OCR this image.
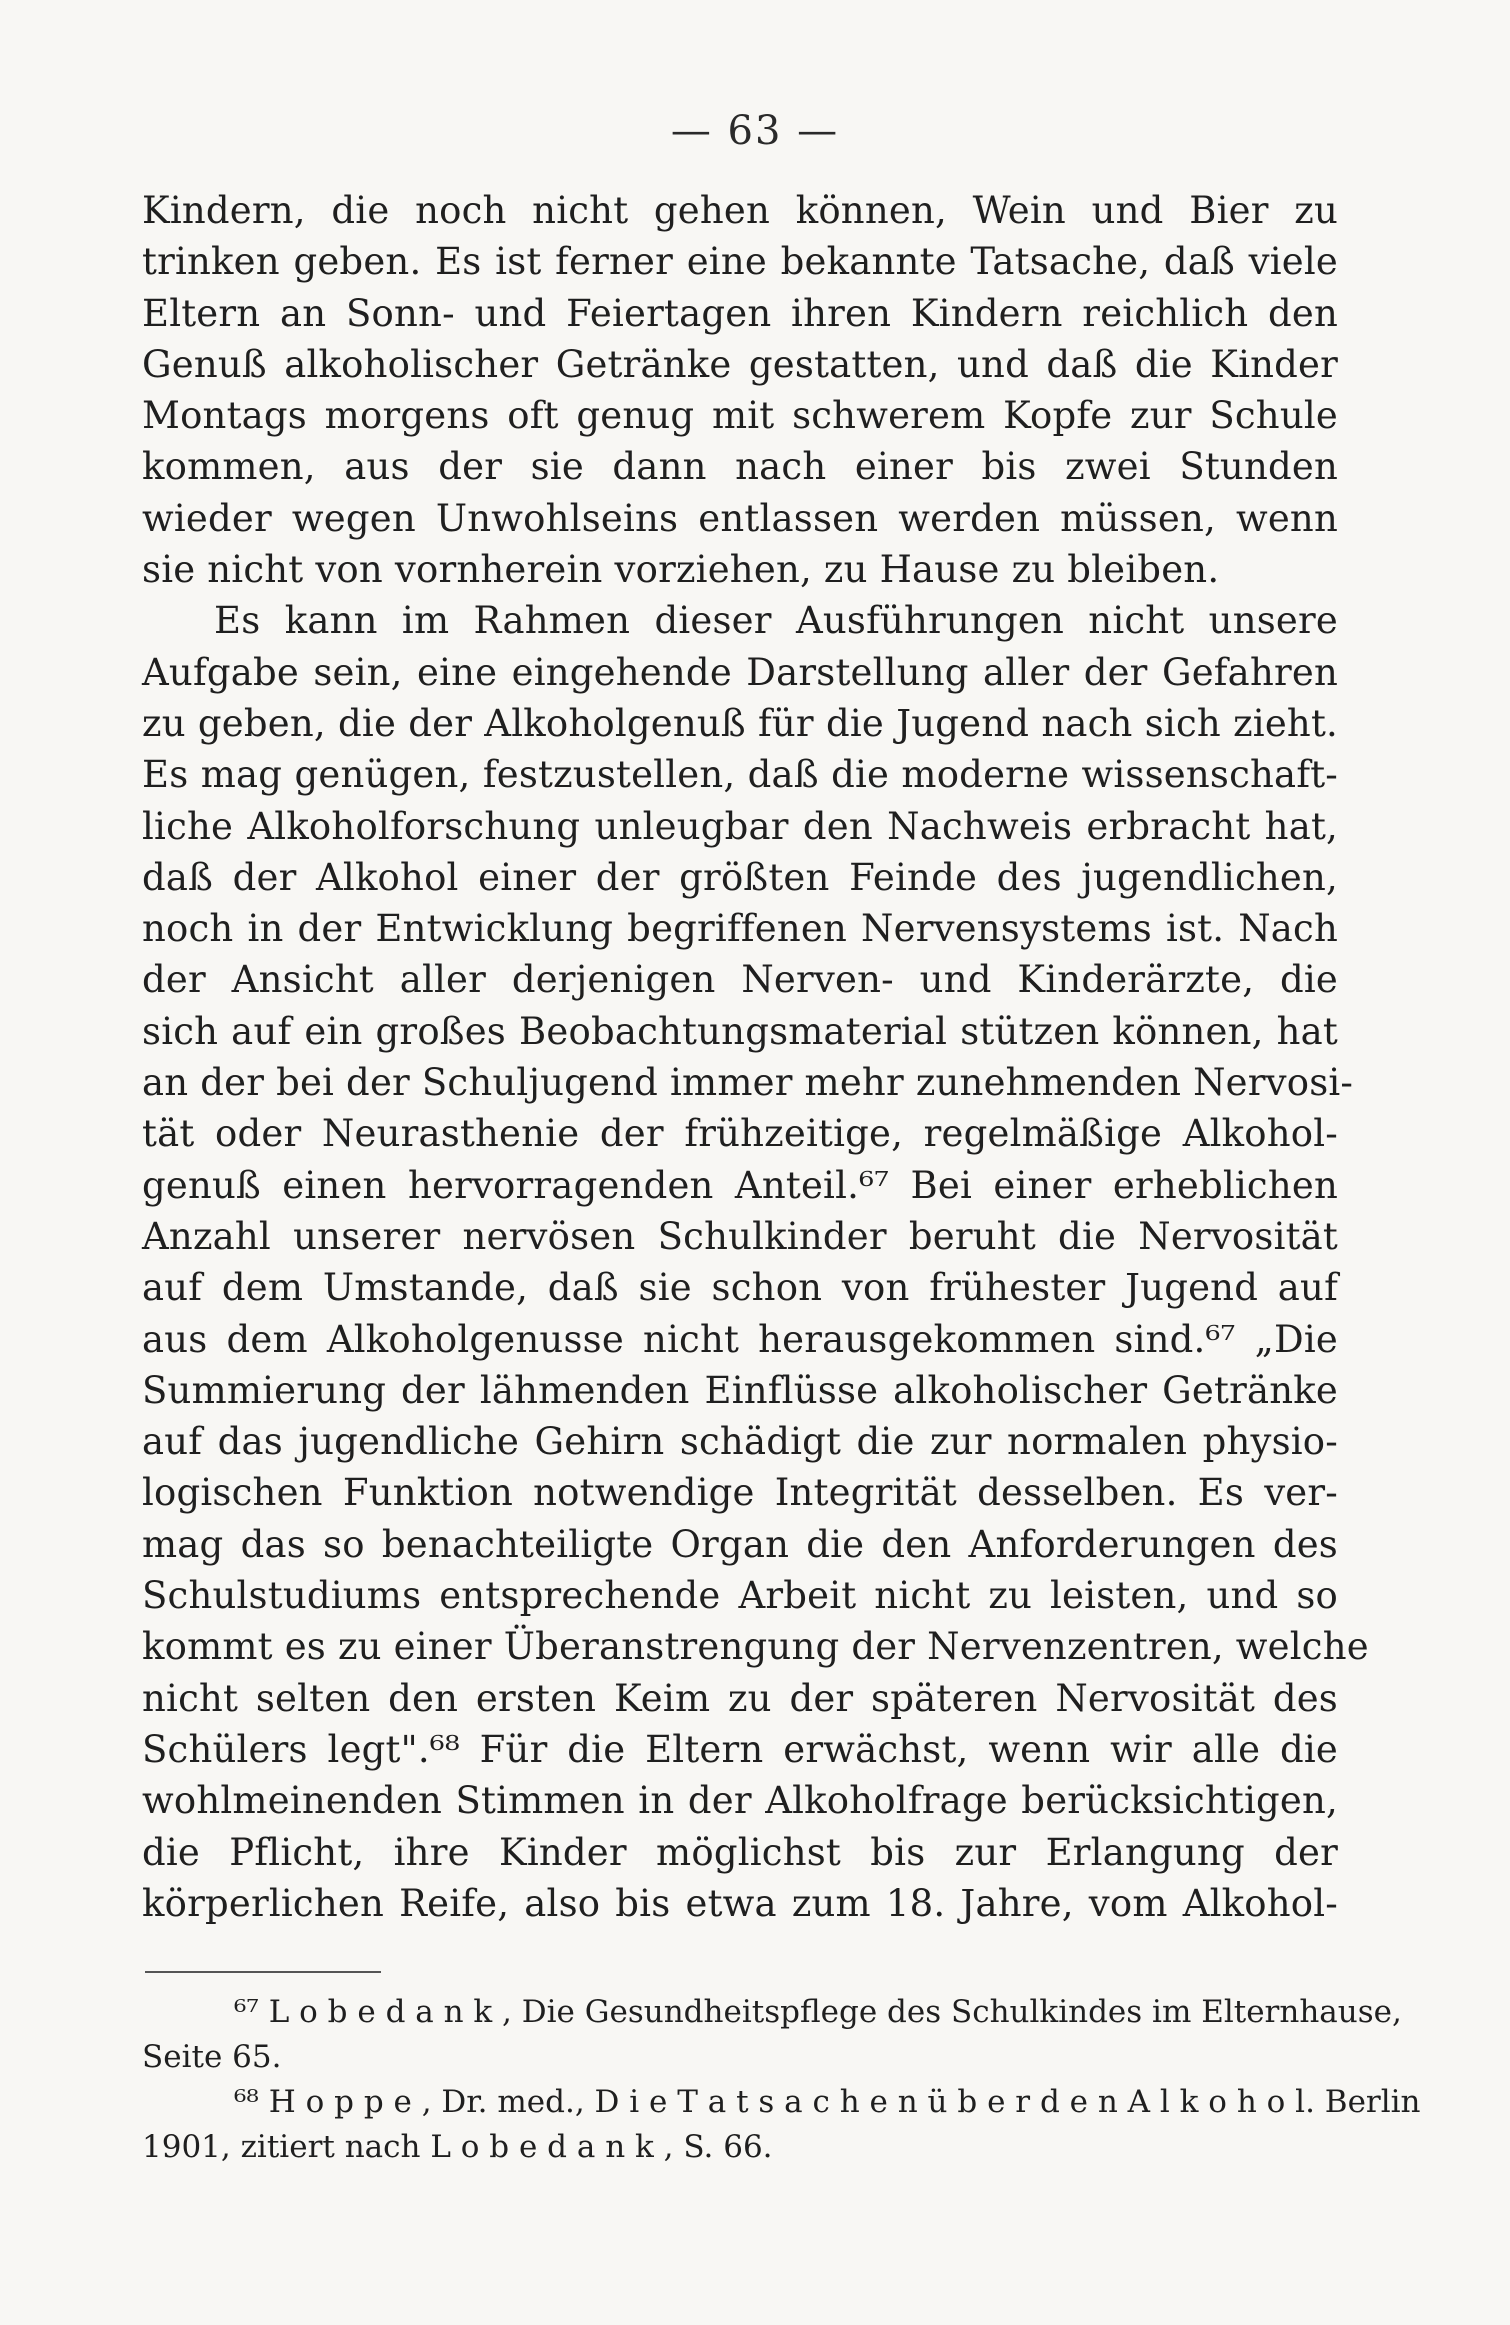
— 63 —
Kindern, die noch nicht gehen können, Wein und Bier zu
trinken geben. Es ist ferner eine bekannte Tatsache, daß viele
Eltern an Sonn- und Feiertagen ihren Kindern reichlich den
Genuß alkoholischer Getränke gestatten, und daß die Kinder
Montags morgens oft genug mit schwerem Kopfe zur Schule
kommen, aus der sie dann nach einer bis zwei Stunden
wieder wegen Unwohlseins entlassen werden müssen, wenn
sie nicht von vornherein vorziehen, zu Hause zu bleiben.
Es kann im Rahmen dieser Ausführungen nicht unsere
Aufgabe sein, eine eingehende Darstellung aller der Gefahren
zu geben, die der Alkoholgenuß für die Jugend nach sich zieht.
Es mag genügen, festzustellen, daß die moderne wissenschaft-
liche Alkoholforschung unleugbar den Nachweis erbracht hat,
daß der Alkohol einer der größten Feinde des jugendlichen,
noch in der Entwicklung begriffenen Nervensystems ist. Nach
der Ansicht aller derjenigen Nerven- und Kinderärzte, die
sich auf ein großes Beobachtungsmaterial stützen können, hat
an der bei der Schuljugend immer mehr zunehmenden Nervosi-
tät oder Neurasthenie der frühzeitige, regelmäßige Alkohol-
genuß einen hervorragenden Anteil.⁶⁷ Bei einer erheblichen
Anzahl unserer nervösen Schulkinder beruht die Nervosität
auf dem Umstande, daß sie schon von frühester Jugend auf
aus dem Alkoholgenusse nicht herausgekommen sind.⁶⁷ „Die
Summierung der lähmenden Einflüsse alkoholischer Getränke
auf das jugendliche Gehirn schädigt die zur normalen physio-
logischen Funktion notwendige Integrität desselben. Es ver-
mag das so benachteiligte Organ die den Anforderungen des
Schulstudiums entsprechende Arbeit nicht zu leisten, und so
kommt es zu einer Überanstrengung der Nervenzentren, welche
nicht selten den ersten Keim zu der späteren Nervosität des
Schülers legt".⁶⁸ Für die Eltern erwächst, wenn wir alle die
wohlmeinenden Stimmen in der Alkoholfrage berücksichtigen,
die Pflicht, ihre Kinder möglichst bis zur Erlangung der
körperlichen Reife, also bis etwa zum 18. Jahre, vom Alkohol-
⁶⁷ L o b e d a n k , Die Gesundheitspflege des Schulkindes im Elternhause,
Seite 65.
⁶⁸ H o p p e , Dr. med., D i e T a t s a c h e n ü b e r d e n A l k o h o l. Berlin
1901, zitiert nach L o b e d a n k , S. 66.
